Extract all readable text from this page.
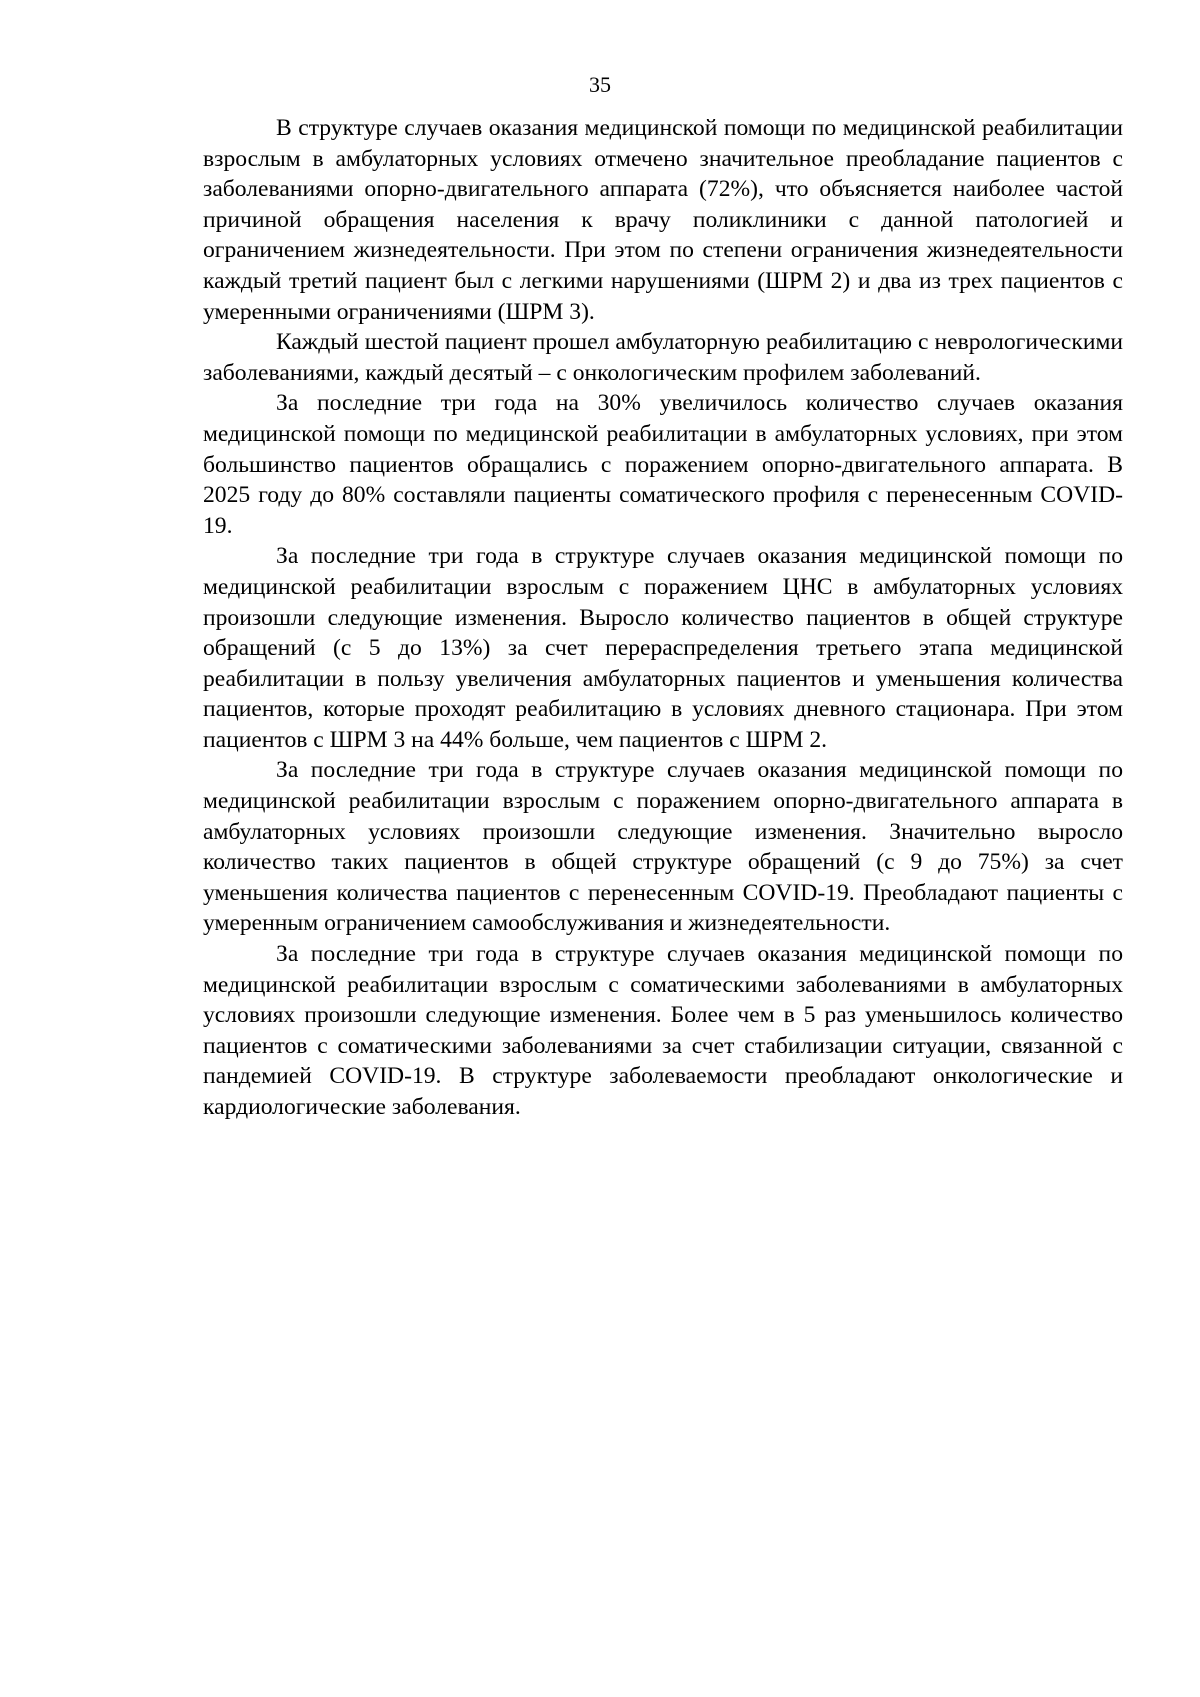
35

В структуре случаев оказания медицинской помощи по медицинской реабилитации взрослым в амбулаторных условиях отмечено значительное преобладание пациентов с заболеваниями опорно-двигательного аппарата (72%), что объясняется наиболее частой причиной обращения населения к врачу поликлиники с данной патологией и ограничением жизнедеятельности. При этом по степени ограничения жизнедеятельности каждый третий пациент был с легкими нарушениями (ШРМ 2) и два из трех пациентов с умеренными ограничениями (ШРМ 3).

Каждый шестой пациент прошел амбулаторную реабилитацию с неврологическими заболеваниями, каждый десятый – с онкологическим профилем заболеваний.

За последние три года на 30% увеличилось количество случаев оказания медицинской помощи по медицинской реабилитации в амбулаторных условиях, при этом большинство пациентов обращались с поражением опорно-двигательного аппарата. В 2025 году до 80% составляли пациенты соматического профиля с перенесенным COVID-19.

За последние три года в структуре случаев оказания медицинской помощи по медицинской реабилитации взрослым с поражением ЦНС в амбулаторных условиях произошли следующие изменения. Выросло количество пациентов в общей структуре обращений (с 5 до 13%) за счет перераспределения третьего этапа медицинской реабилитации в пользу увеличения амбулаторных пациентов и уменьшения количества пациентов, которые проходят реабилитацию в условиях дневного стационара. При этом пациентов с ШРМ 3 на 44% больше, чем пациентов с ШРМ 2.

За последние три года в структуре случаев оказания медицинской помощи по медицинской реабилитации взрослым с поражением опорно-двигательного аппарата в амбулаторных условиях произошли следующие изменения. Значительно выросло количество таких пациентов в общей структуре обращений (с 9 до 75%) за счет уменьшения количества пациентов с перенесенным COVID-19. Преобладают пациенты с умеренным ограничением самообслуживания и жизнедеятельности.

За последние три года в структуре случаев оказания медицинской помощи по медицинской реабилитации взрослым с соматическими заболеваниями в амбулаторных условиях произошли следующие изменения. Более чем в 5 раз уменьшилось количество пациентов с соматическими заболеваниями за счет стабилизации ситуации, связанной с пандемией COVID-19. В структуре заболеваемости преобладают онкологические и кардиологические заболевания.
